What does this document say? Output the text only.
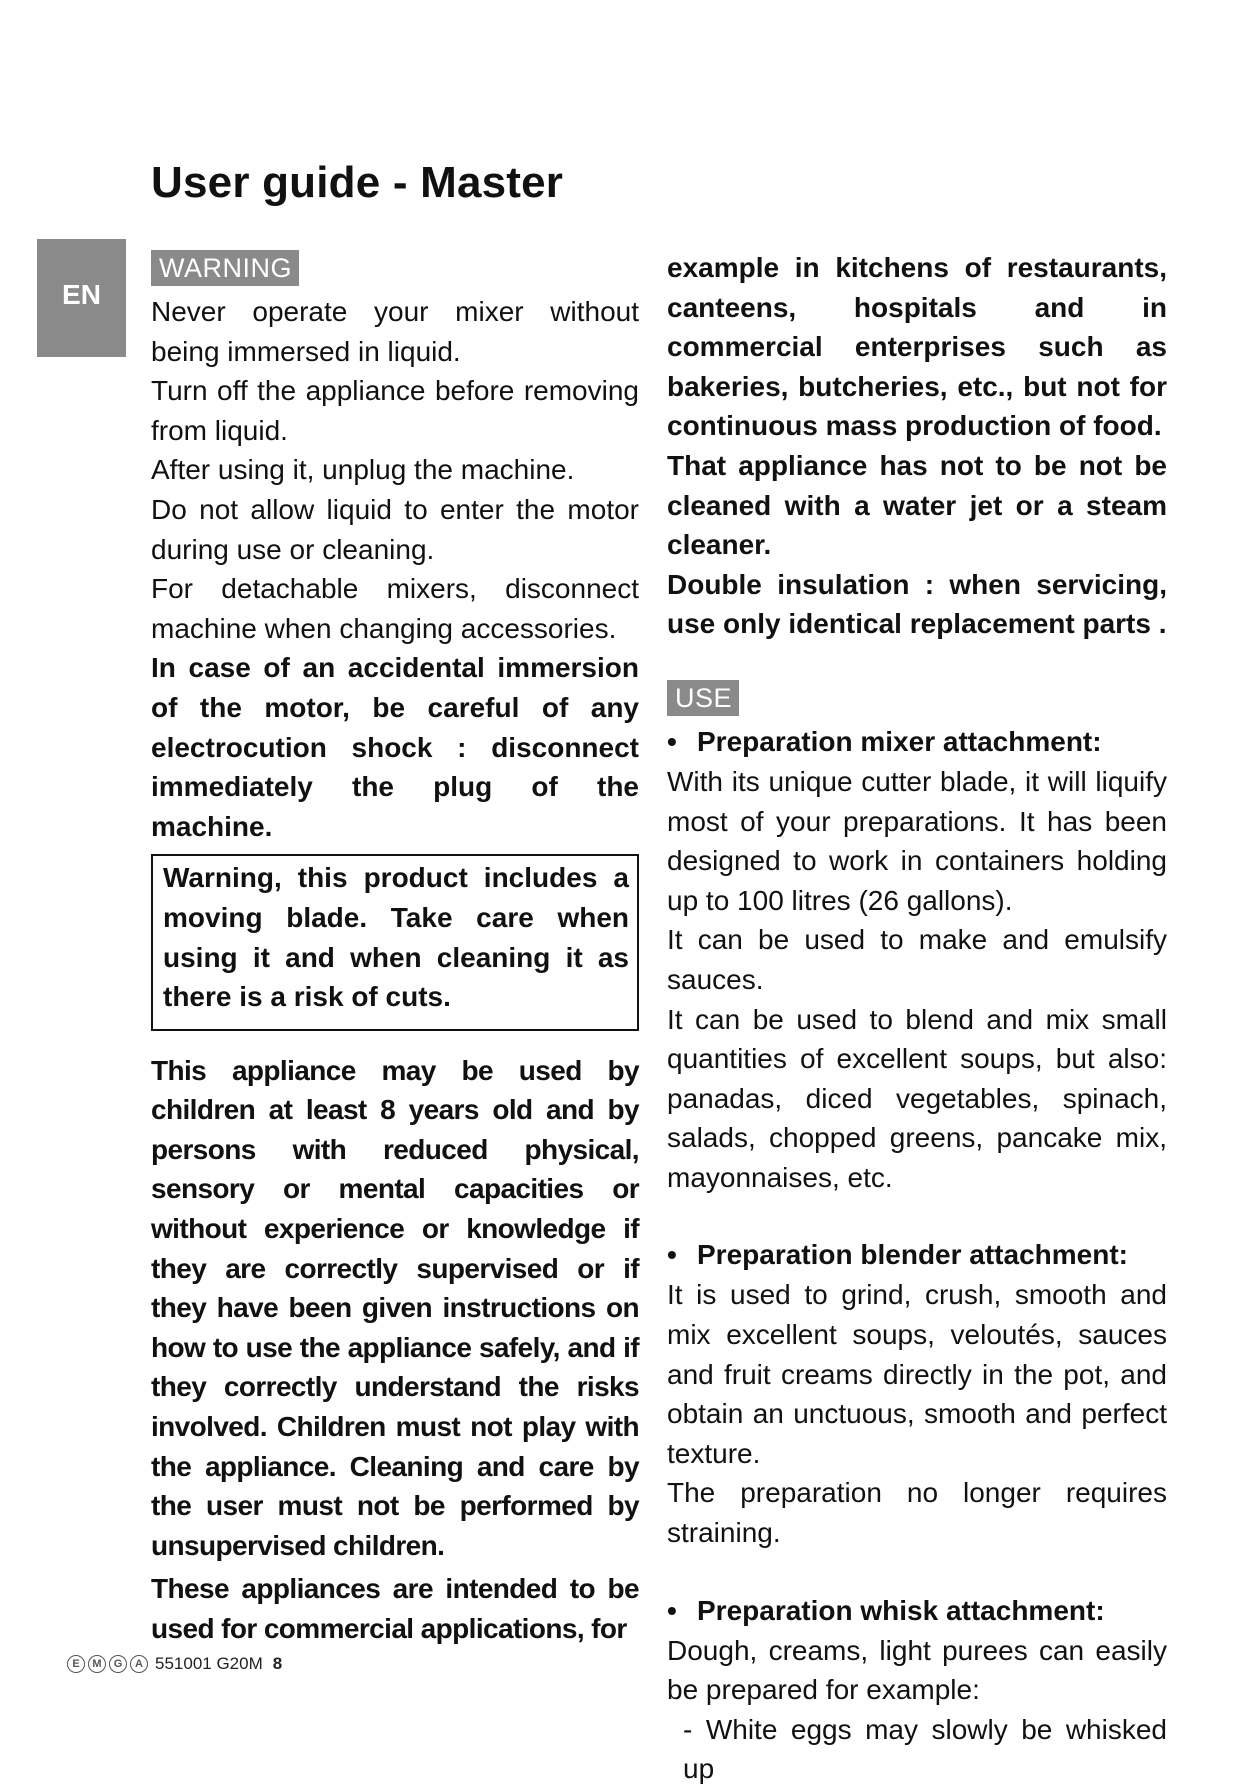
User guide - Master
EN
WARNING

Never operate your mixer without being immersed in liquid.

Turn off the appliance before removing from liquid.

After using it, unplug the machine.

Do not allow liquid to enter the motor during use or cleaning.

For detachable mixers, disconnect machine when changing accessories.

In case of an accidental immersion of the motor, be careful of any electrocution shock : disconnect immediately the plug of the machine.

Warning, this product includes a moving blade. Take care when using it and when cleaning it as there is a risk of cuts.

This appliance may be used by children at least 8 years old and by persons with reduced physical, sensory or mental capacities or without experience or knowledge if they are correctly supervised or if they have been given instructions on how to use the appliance safely, and if they correctly understand the risks involved. Children must not play with the appliance. Cleaning and care by the user must not be performed by unsupervised children.

These appliances are intended to be used for commercial applications, for

example in kitchens of restaurants, canteens, hospitals and in commercial enterprises such as bakeries, butcheries, etc., but not for continuous mass production of food.

That appliance has not to be not be cleaned with a water jet or a steam cleaner.

Double insulation : when servicing, use only identical replacement parts .

USE
• Preparation mixer attachment:

With its unique cutter blade, it will liquify most of your preparations. It has been designed to work in containers holding up to 100 litres (26 gallons).

It can be used to make and emulsify sauces.

It can be used to blend and mix small quantities of excellent soups, but also: panadas, diced vegetables, spinach, salads, chopped greens, pancake mix, mayonnaises, etc.

• Preparation blender attachment:

It is used to grind, crush, smooth and mix excellent soups, veloutés, sauces and fruit creams directly in the pot, and obtain an unctuous, smooth and perfect texture.

The preparation no longer requires straining.

• Preparation whisk attachment:

Dough, creams, light purees can easily be prepared for example:

- White eggs may slowly be whisked up

E	M	G	A 551001 G20M 8
